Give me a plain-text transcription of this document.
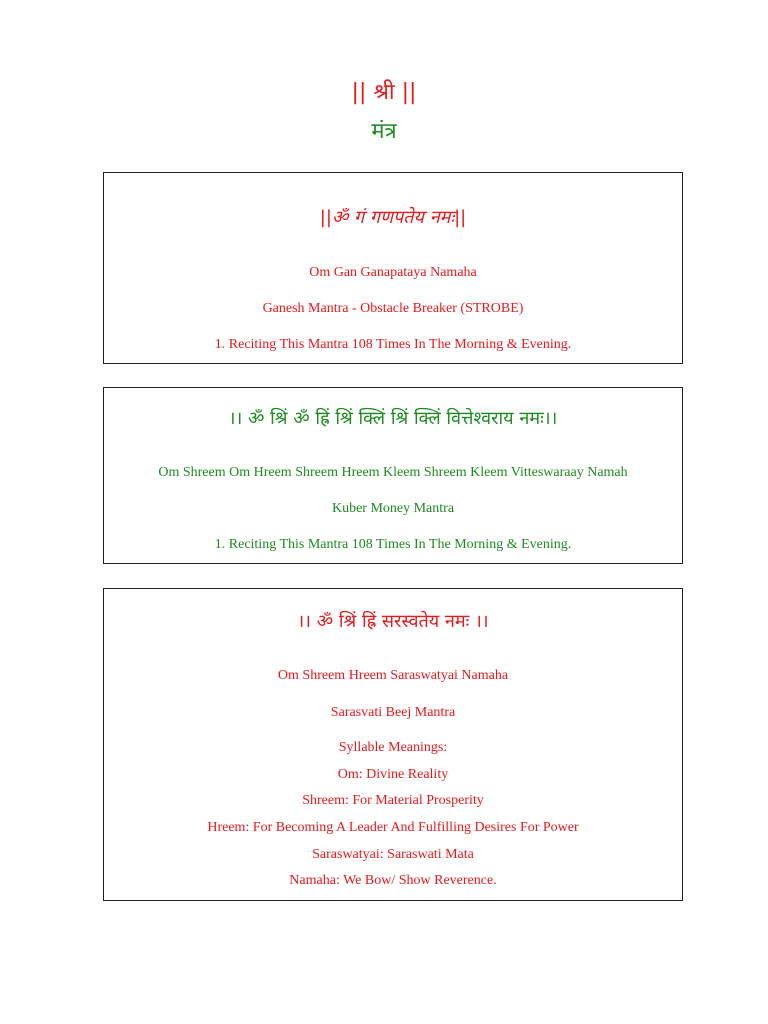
|| श्री ||
मंत्र
||ॐ गं गणपतेय नमः||
Om Gan Ganapataya Namaha
Ganesh Mantra - Obstacle Breaker (STROBE)
1. Reciting This Mantra 108 Times In The Morning & Evening.
।। ॐ श्रिं ॐ ह्रिं श्रिं क्लिं श्रिं क्लिं वित्तेश्वराय नमः।।
Om Shreem Om Hreem Shreem Hreem Kleem Shreem Kleem Vitteswaraay Namah
Kuber Money Mantra
1. Reciting This Mantra 108 Times In The Morning & Evening.
।। ॐ श्रिं ह्रिं सरस्वतेय नमः ।।
Om Shreem Hreem Saraswatyai Namaha
Sarasvati Beej Mantra
Syllable Meanings:
Om: Divine Reality
Shreem: For Material Prosperity
Hreem: For Becoming A Leader And Fulfilling Desires For Power
Saraswatyai: Saraswati Mata
Namaha: We Bow/ Show Reverence.
